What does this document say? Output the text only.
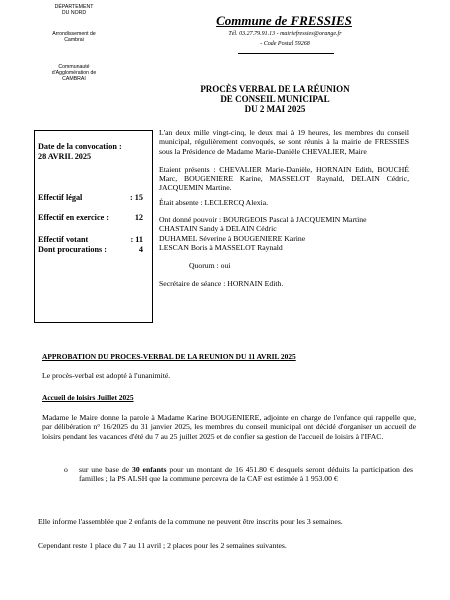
DÉPARTEMENT
DU NORD
Arrondissement de
Cambrai
Communauté
d'Agglomération de
CAMBRAI
Commune de FRESSIES
Tél. 03.27.79.91.13 - mairiefressies@orange.fr
- Code Postal 59268
PROCÈS VERBAL DE LA RÉUNION
DE CONSEIL MUNICIPAL
DU 2 MAI 2025
Date de la convocation :
28 AVRIL 2025
Effectif légal	: 15
Effectif en exercice :	12
Effectif votant	: 11
Dont procurations :	4
L'an deux mille vingt-cinq, le deux mai à 19 heures, les membres du conseil municipal, régulièrement convoqués, se sont réunis à la mairie de FRESSIES sous la Présidence de Madame Marie-Danièle CHEVALIER, Maire
Etaient présents : CHEVALIER Marie-Danièle, HORNAIN Edith, BOUCHÉ Marc, BOUGENIERE Karine, MASSELOT Raynald, DELAIN Cédric, JACQUEMIN Martine.
Était absente : LECLERCQ Alexia.
Ont donné pouvoir : BOURGEOIS Pascal à JACQUEMIN Martine
CHASTAIN Sandy à DELAIN Cédric
DUHAMEL Séverine à BOUGENIERE Karine
LESCAN Boris à MASSELOT Raynald
Quorum : oui
Secrétaire de séance : HORNAIN Edith.
APPROBATION DU PROCES-VERBAL DE LA REUNION DU 11 AVRIL 2025
Le procès-verbal est adopté à l'unanimité.
Accueil de loisirs Juillet 2025
Madame le Maire donne la parole à Madame Karine BOUGENIERE, adjointe en charge de l'enfance qui rappelle que, par délibération n° 16/2025 du 31 janvier 2025, les membres du conseil municipal ont décidé d'organiser un accueil de loisirs pendant les vacances d'été du 7 au 25 juillet 2025 et de confier sa gestion de l'accueil de loisirs à l'IFAC.
o	sur une base de 30 enfants pour un montant de 16 451.80 € desquels seront déduits la participation des familles ; la PS ALSH que la commune percevra de la CAF est estimée à 1 953.00 €
Elle informe l'assemblée que 2 enfants de la commune ne peuvent être inscrits pour les 3 semaines.
Cependant reste 1 place du 7 au 11 avril ; 2 places pour les 2 semaines suivantes.
